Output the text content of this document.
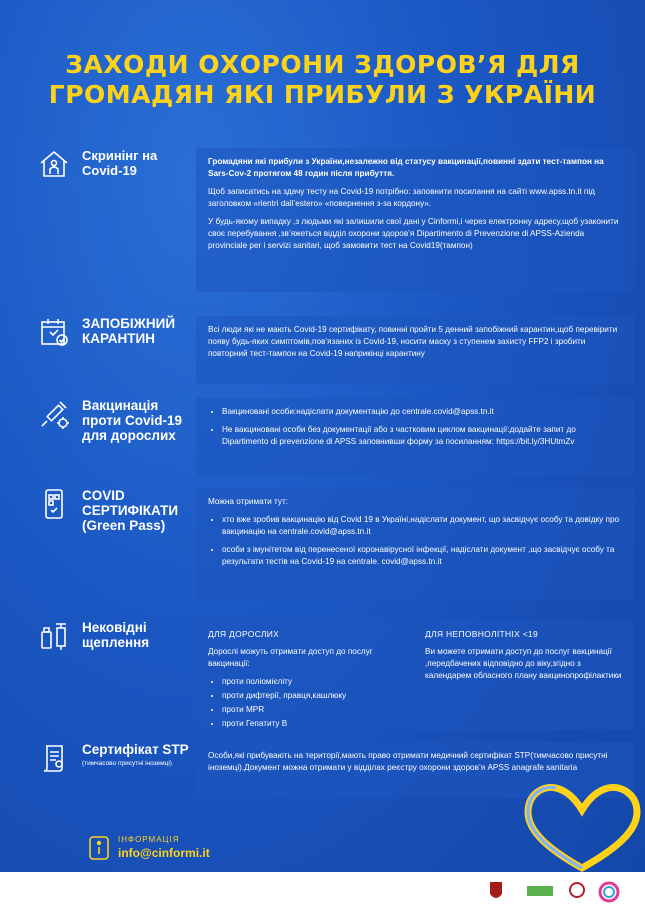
ЗАХОДИ ОХОРОНИ ЗДОРОВ’Я ДЛЯ
ГРОМАДЯН ЯКІ ПРИБУЛИ З УКРАЇНИ
Скринінг на Covid-19

Громадяни які прибули з України,незалежно від статусу вакцинації,повинні здати тест-тампон на Sars-Cov-2 протягом 48 годин після прибуття.

Щоб записатись на здачу тесту на Covid-19 потрібно: заповнити посилання на сайті www.apss.tn.it під заголовком «rientri dall’estero» «повернення з-за кордону».

У будь-якому випадку ,з людьми які залишили свої дані у Cinformi,і через електронну адресу,щоб узаконити своє перебування ,зв’яжеться відділ охорони здоров’я Dipartimento di Prevenzione di APSS-Azienda provinciale per i servizi sanitari, щоб замовити тест на Covid19(тампон)

ЗАПОБІЖНИЙ КАРАНТИН

Всі люди які не мають Covid-19 сертифікату, повинні пройти 5 денний запобіжний карантин,щоб перевірити появу будь-яких симптомів,пов’язаних із Covid-19, носити маску з ступенем захисту FFP2 і зробити повторний тест-тампон на Covid-19 наприкінці карантину

Вакцинація проти Covid-19 для дорослих
• Вакциновані особи:надіслати документацію до centrale.covid@apss.tn.it
• Не вакциновані особи без документації або з частковим циклом вакцинації:додайте запит до Dipartimento di prevenzione di APSS заповнивши форму за посиланням: https://bit.ly/3HUtmZv
COVID СЕРТИФІКАТИ (Green Pass)

Можна отримати тут:

• хто вже зробив вакцинацію від Covid 19 в Україні,надіслати документ, що засвідчує особу та довідку про вакцинацію на centrale.covid@apss.tn.it
• особи з імунітетом від перенесеної коронавірусної інфекції, надіслати документ ,що засвідчує особу та результати тестів на Covid-19 на centrale. covid@apss.tn.it
Нековідні щеплення
ДЛЯ ДОРОСЛИХ

Дорослі можуть отримати доступ до послуг вакцинації:

• проти поліомієліту
• проти дифтерії, правця,кашлюку
• проти MPR
• проти Гепатиту В
ДЛЯ НЕПОВНОЛІТНІХ <19

Ви можете отримати доступ до послуг вакцинації ,передбачених відповідно до віку,згідно з календарем обласного плану вакцинопрофілактики

Сертифікат STP
(тимчасово присутні іноземці)

Особи,які прибувають на території,мають право отримати медичний сертифікат STP(тимчасово присутні іноземці).Документ можна отримати у відділах реєстру охорони здоров’я APSS anagrafe sanitaria

ІНФОРМАЦІЯ
info@cinformi.it
